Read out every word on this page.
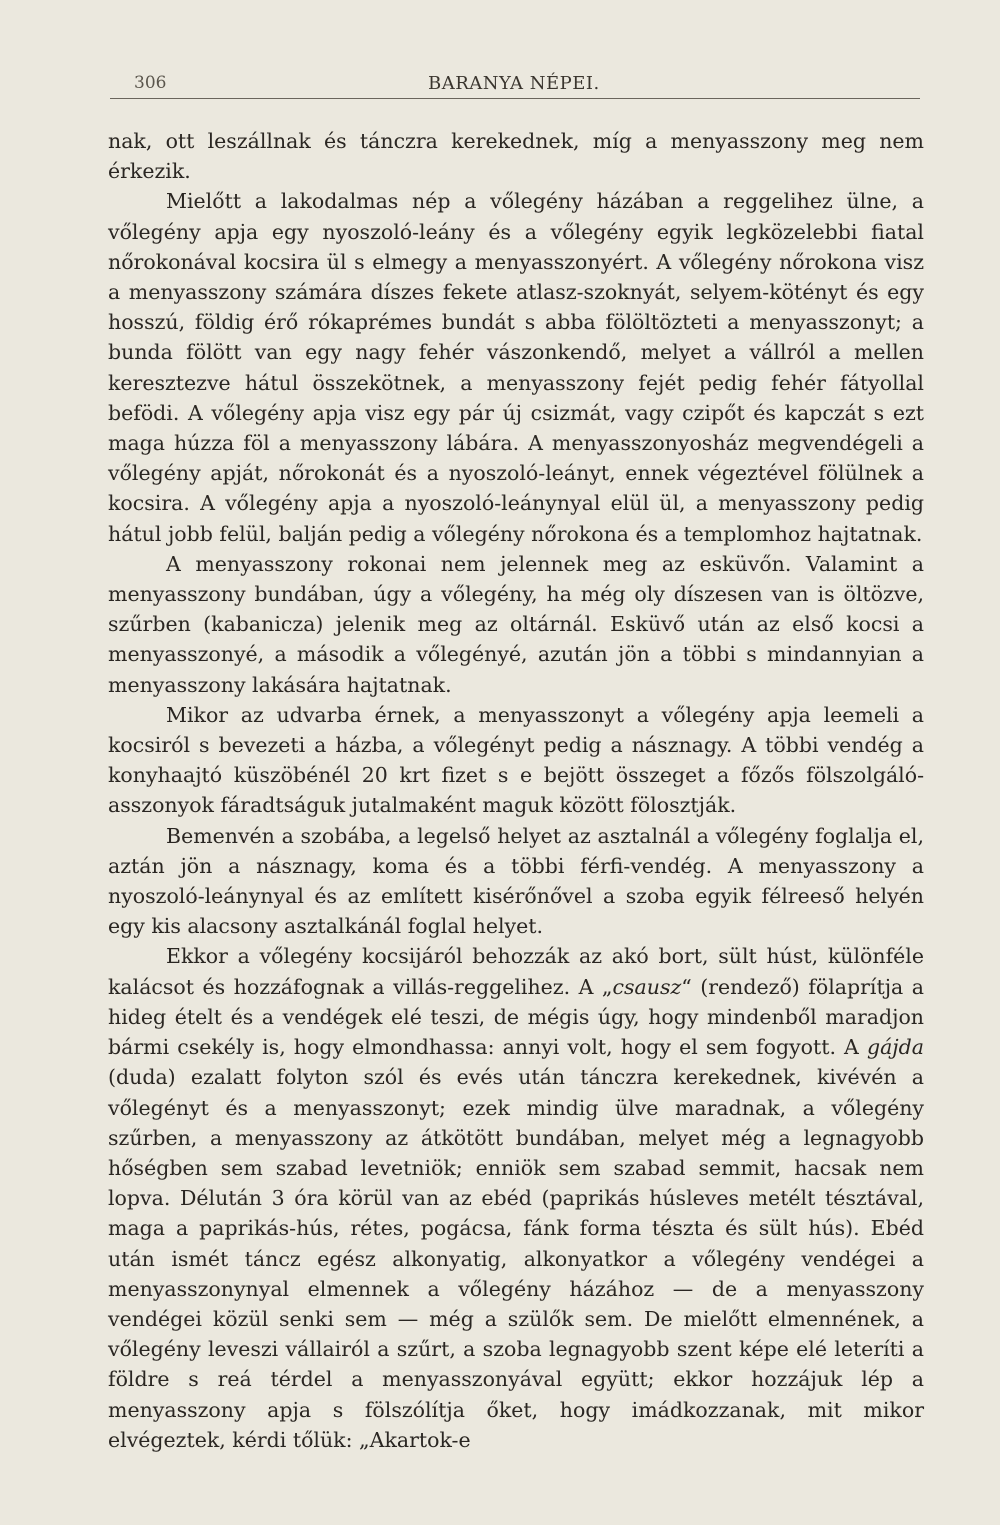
306	BARANYA NÉPEI.

nak, ott leszállnak és tánczra kerekednek, míg a menyasszony meg nem érkezik.

Mielőtt a lakodalmas nép a vőlegény házában a reggelihez ülne, a vőlegény apja egy nyoszoló-leány és a vőlegény egyik legközelebbi fiatal nőrokonával kocsira ül s elmegy a menyasszonyért. A vőlegény nőrokona visz a menyasszony számára díszes fekete atlasz-szoknyát, selyem-kötényt és egy hosszú, földig érő rókaprémes bundát s abba fölöltözteti a menyasszonyt; a bunda fölött van egy nagy fehér vászonkendő, melyet a vállról a mellen keresztezve hátul összekötnek, a menyasszony fejét pedig fehér fátyollal befödi. A vőlegény apja visz egy pár új csizmát, vagy czipőt és kapczát s ezt maga húzza föl a menyasszony lábára. A menyasszonyosház megvendégeli a vőlegény apját, nőrokonát és a nyoszoló-leányt, ennek végeztével fölülnek a kocsira. A vőlegény apja a nyoszoló-leánynyal elül ül, a menyasszony pedig hátul jobb felül, balján pedig a vőlegény nőrokona és a templomhoz hajtatnak.

A menyasszony rokonai nem jelennek meg az esküvőn. Valamint a menyasszony bundában, úgy a vőlegény, ha még oly díszesen van is öltözve, szűrben (kabanicza) jelenik meg az oltárnál. Esküvő után az első kocsi a menyasszonyé, a második a vőlegényé, azután jön a többi s mindannyian a menyasszony lakására hajtatnak.

Mikor az udvarba érnek, a menyasszonyt a vőlegény apja leemeli a kocsiról s bevezeti a házba, a vőlegényt pedig a násznagy. A többi vendég a konyhaajtó küszöbénél 20 krt fizet s e bejött összeget a főzős fölszolgáló-asszonyok fáradtságuk jutalmaként maguk között fölosztják.

Bemenvén a szobába, a legelső helyet az asztalnál a vőlegény foglalja el, aztán jön a násznagy, koma és a többi férfi-vendég. A menyasszony a nyoszoló-leánynyal és az említett kisérőnővel a szoba egyik félreeső helyén egy kis alacsony asztalkánál foglal helyet.

Ekkor a vőlegény kocsijáról behozzák az akó bort, sült húst, különféle kalácsot és hozzáfognak a villás-reggelihez. A „csausz“ (rendező) fölaprítja a hideg ételt és a vendégek elé teszi, de mégis úgy, hogy mindenből maradjon bármi csekély is, hogy elmondhassa: annyi volt, hogy el sem fogyott. A gájda (duda) ezalatt folyton szól és evés után tánczra kerekednek, kivévén a vőlegényt és a menyasszonyt; ezek mindig ülve maradnak, a vőlegény szűrben, a menyasszony az átkötött bundában, melyet még a legnagyobb hőségben sem szabad levetniök; enniök sem szabad semmit, hacsak nem lopva. Délután 3 óra körül van az ebéd (paprikás húsleves metélt tésztával, maga a paprikás-hús, rétes, pogácsa, fánk forma tészta és sült hús). Ebéd után ismét táncz egész alkonyatig, alkonyatkor a vőlegény vendégei a menyasszonynyal elmennek a vőlegény házához — de a menyasszony vendégei közül senki sem — még a szülők sem. De mielőtt elmennének, a vőlegény leveszi vállairól a szűrt, a szoba legnagyobb szent képe elé leteríti a földre s reá térdel a menyasszonyával együtt; ekkor hozzájuk lép a menyasszony apja s fölszólítja őket, hogy imádkozzanak, mit mikor elvégeztek, kérdi tőlük: „Akartok-e
